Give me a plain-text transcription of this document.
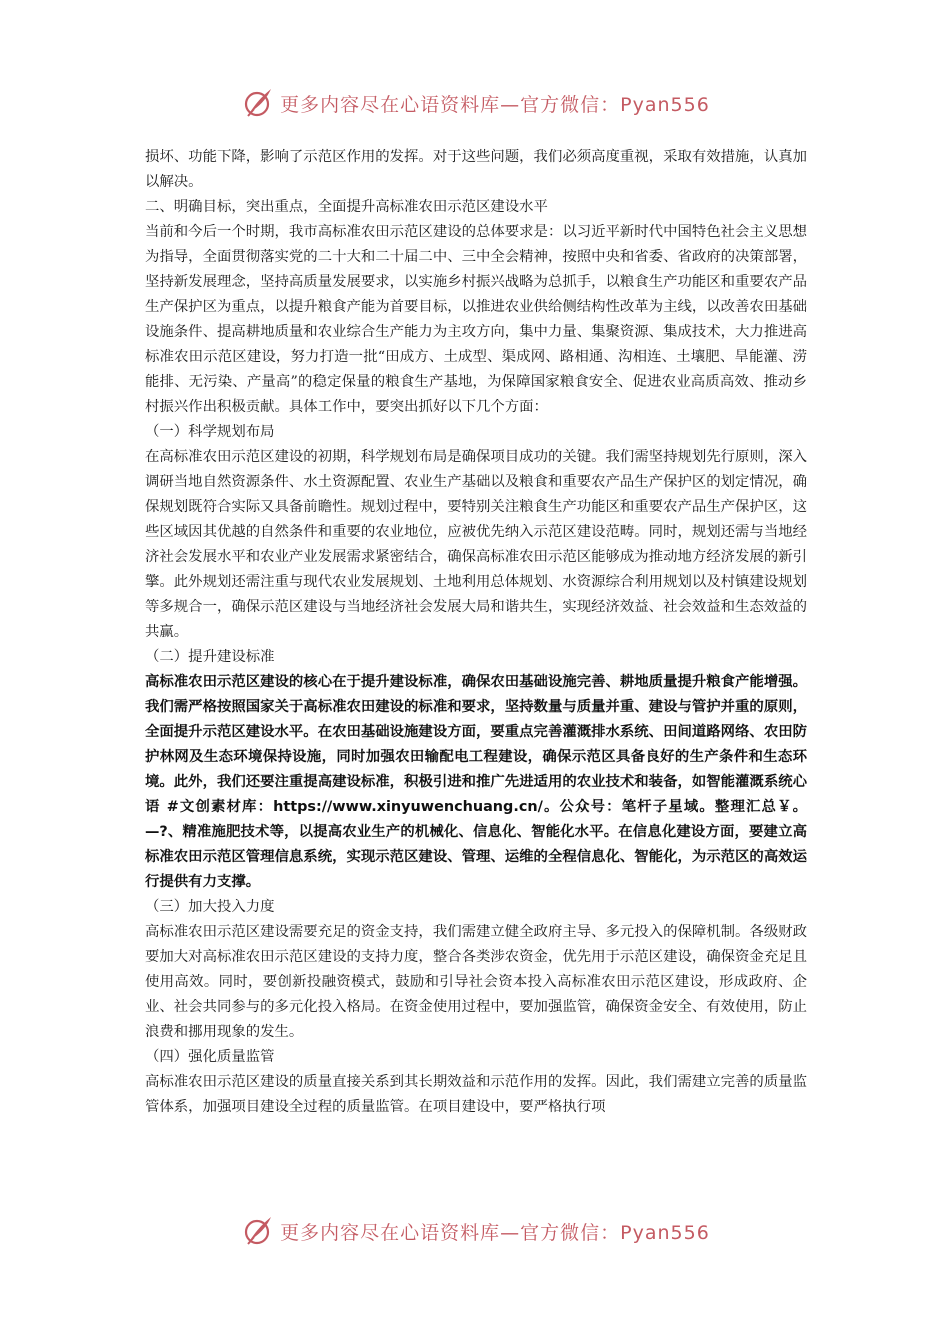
更多内容尽在心语资料库—官方微信：Pyan556

损坏、功能下降，影响了示范区作用的发挥。对于这些问题，我们必须高度重视，采取有效措施，认真加以解决。

二、明确目标，突出重点，全面提升高标准农田示范区建设水平

当前和今后一个时期，我市高标准农田示范区建设的总体要求是：以习近平新时代中国特色社会主义思想为指导，全面贯彻落实党的二十大和二十届二中、三中全会精神，按照中央和省委、省政府的决策部署，坚持新发展理念，坚持高质量发展要求，以实施乡村振兴战略为总抓手，以粮食生产功能区和重要农产品生产保护区为重点，以提升粮食产能为首要目标，以推进农业供给侧结构性改革为主线，以改善农田基础设施条件、提高耕地质量和农业综合生产能力为主攻方向，集中力量、集聚资源、集成技术，大力推进高标准农田示范区建设，努力打造一批“田成方、土成型、渠成网、路相通、沟相连、土壤肥、旱能灌、涝能排、无污染、产量高”的稳定保量的粮食生产基地，为保障国家粮食安全、促进农业高质高效、推动乡村振兴作出积极贡献。具体工作中，要突出抓好以下几个方面：

（一）科学规划布局

在高标准农田示范区建设的初期，科学规划布局是确保项目成功的关键。我们需坚持规划先行原则，深入调研当地自然资源条件、水土资源配置、农业生产基础以及粮食和重要农产品生产保护区的划定情况，确保规划既符合实际又具备前瞻性。规划过程中，要特别关注粮食生产功能区和重要农产品生产保护区，这些区域因其优越的自然条件和重要的农业地位，应被优先纳入示范区建设范畴。同时，规划还需与当地经济社会发展水平和农业产业发展需求紧密结合，确保高标准农田示范区能够成为推动地方经济发展的新引擎。此外规划还需注重与现代农业发展规划、土地利用总体规划、水资源综合利用规划以及村镇建设规划等多规合一，确保示范区建设与当地经济社会发展大局和谐共生，实现经济效益、社会效益和生态效益的共赢。

（二）提升建设标准

高标准农田示范区建设的核心在于提升建设标准，确保农田基础设施完善、耕地质量提升粮食产能增强。我们需严格按照国家关于高标准农田建设的标准和要求，坚持数量与质量并重、建设与管护并重的原则，全面提升示范区建设水平。在农田基础设施建设方面，要重点完善灌溉排水系统、田间道路网络、农田防护林网及生态环境保持设施，同时加强农田输配电工程建设，确保示范区具备良好的生产条件和生态环境。此外，我们还要注重提高建设标准，积极引进和推广先进适用的农业技术和装备，如智能灌溉系统心语 #文创素材库：https://www.xinyuwenchuang.cn/。公众号：笔杆子星域。整理汇总￥。—?、精准施肥技术等，以提高农业生产的机械化、信息化、智能化水平。在信息化建设方面，要建立高标准农田示范区管理信息系统，实现示范区建设、管理、运维的全程信息化、智能化，为示范区的高效运行提供有力支撑。

（三）加大投入力度

高标准农田示范区建设需要充足的资金支持，我们需建立健全政府主导、多元投入的保障机制。各级财政要加大对高标准农田示范区建设的支持力度，整合各类涉农资金，优先用于示范区建设，确保资金充足且使用高效。同时，要创新投融资模式，鼓励和引导社会资本投入高标准农田示范区建设，形成政府、企业、社会共同参与的多元化投入格局。在资金使用过程中，要加强监管，确保资金安全、有效使用，防止浪费和挪用现象的发生。

（四）强化质量监管

高标准农田示范区建设的质量直接关系到其长期效益和示范作用的发挥。因此，我们需建立完善的质量监管体系，加强项目建设全过程的质量监管。在项目建设中，要严格执行项

更多内容尽在心语资料库—官方微信：Pyan556
